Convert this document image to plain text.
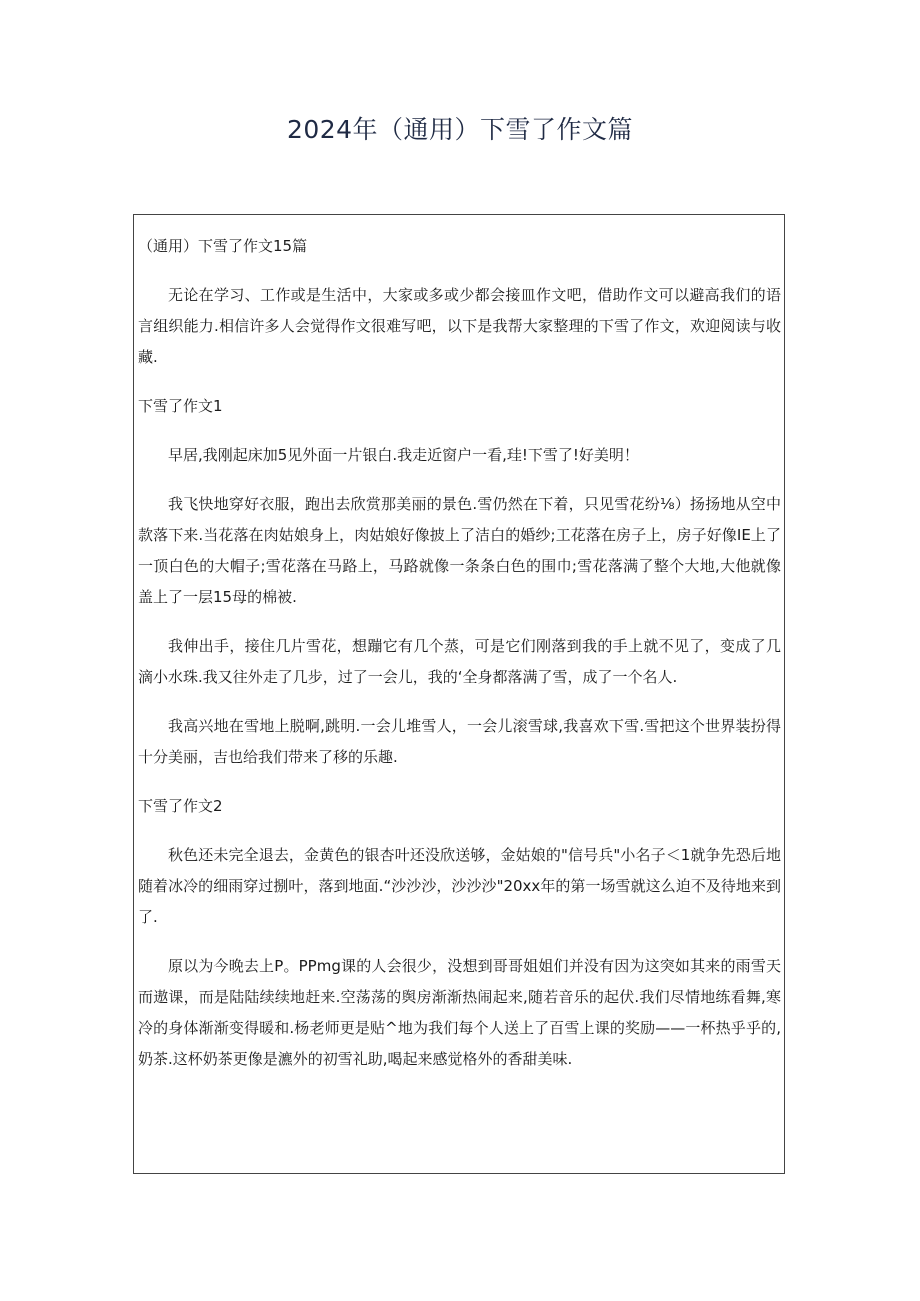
2024年（通用）下雪了作文篇

（通用）下雪了作文15篇

无论在学习、工作或是生活中，大家或多或少都会接皿作文吧，借助作文可以避高我们的语言组织能力.相信许多人会觉得作文很难写吧，以下是我帮大家整理的下雪了作文，欢迎阅读与收藏.

下雪了作文1

早居,我刚起床加5见外面一片银白.我走近窗户一看,珪!下雪了!好美明！

我飞快地穿好衣服，跑出去欣赏那美丽的景色.雪仍然在下着，只见雪花纷⅛）扬扬地从空中款落下来.当花落在肉姑娘身上，肉姑娘好像披上了洁白的婚纱;工花落在房子上，房子好像IE上了一顶白色的大帽子;雪花落在马路上，马路就像一条条白色的围巾;雪花落满了整个大地,大他就像盖上了一层15母的棉被.

我伸出手，接住几片雪花，想蹦它有几个蒸，可是它们刚落到我的手上就不见了，变成了几滴小水珠.我又往外走了几步，过了一会儿，我的‘全身都落满了雪，成了一个名人.

我高兴地在雪地上脱啊,跳明.一会儿堆雪人，一会儿滚雪球,我喜欢下雪.雪把这个世界装扮得十分美丽，吉也给我们带来了移的乐趣.

下雪了作文2

秋色还未完全退去，金黄色的银杏叶还没欣送够，金姑娘的"信号兵"小名子＜1就争先恐后地随着冰冷的细雨穿过捌叶，落到地面.“沙沙沙，沙沙沙"20xx年的第一场雪就这么迫不及待地来到了.

原以为今晚去上P。PPmg课的人会很少，没想到哥哥姐姐们并没有因为这突如其来的雨雪天而遨课，而是陆陆续续地赶来.空荡荡的舆房渐渐热闹起来,随若音乐的起伏.我们尽情地练看舞,寒冷的身体渐渐变得暖和.杨老师更是贴^地为我们每个人送上了百雪上课的奖励——一杯热乎乎的,奶茶.这杯奶茶更像是瀌外的初雪礼助,喝起来感觉格外的香甜美味.
